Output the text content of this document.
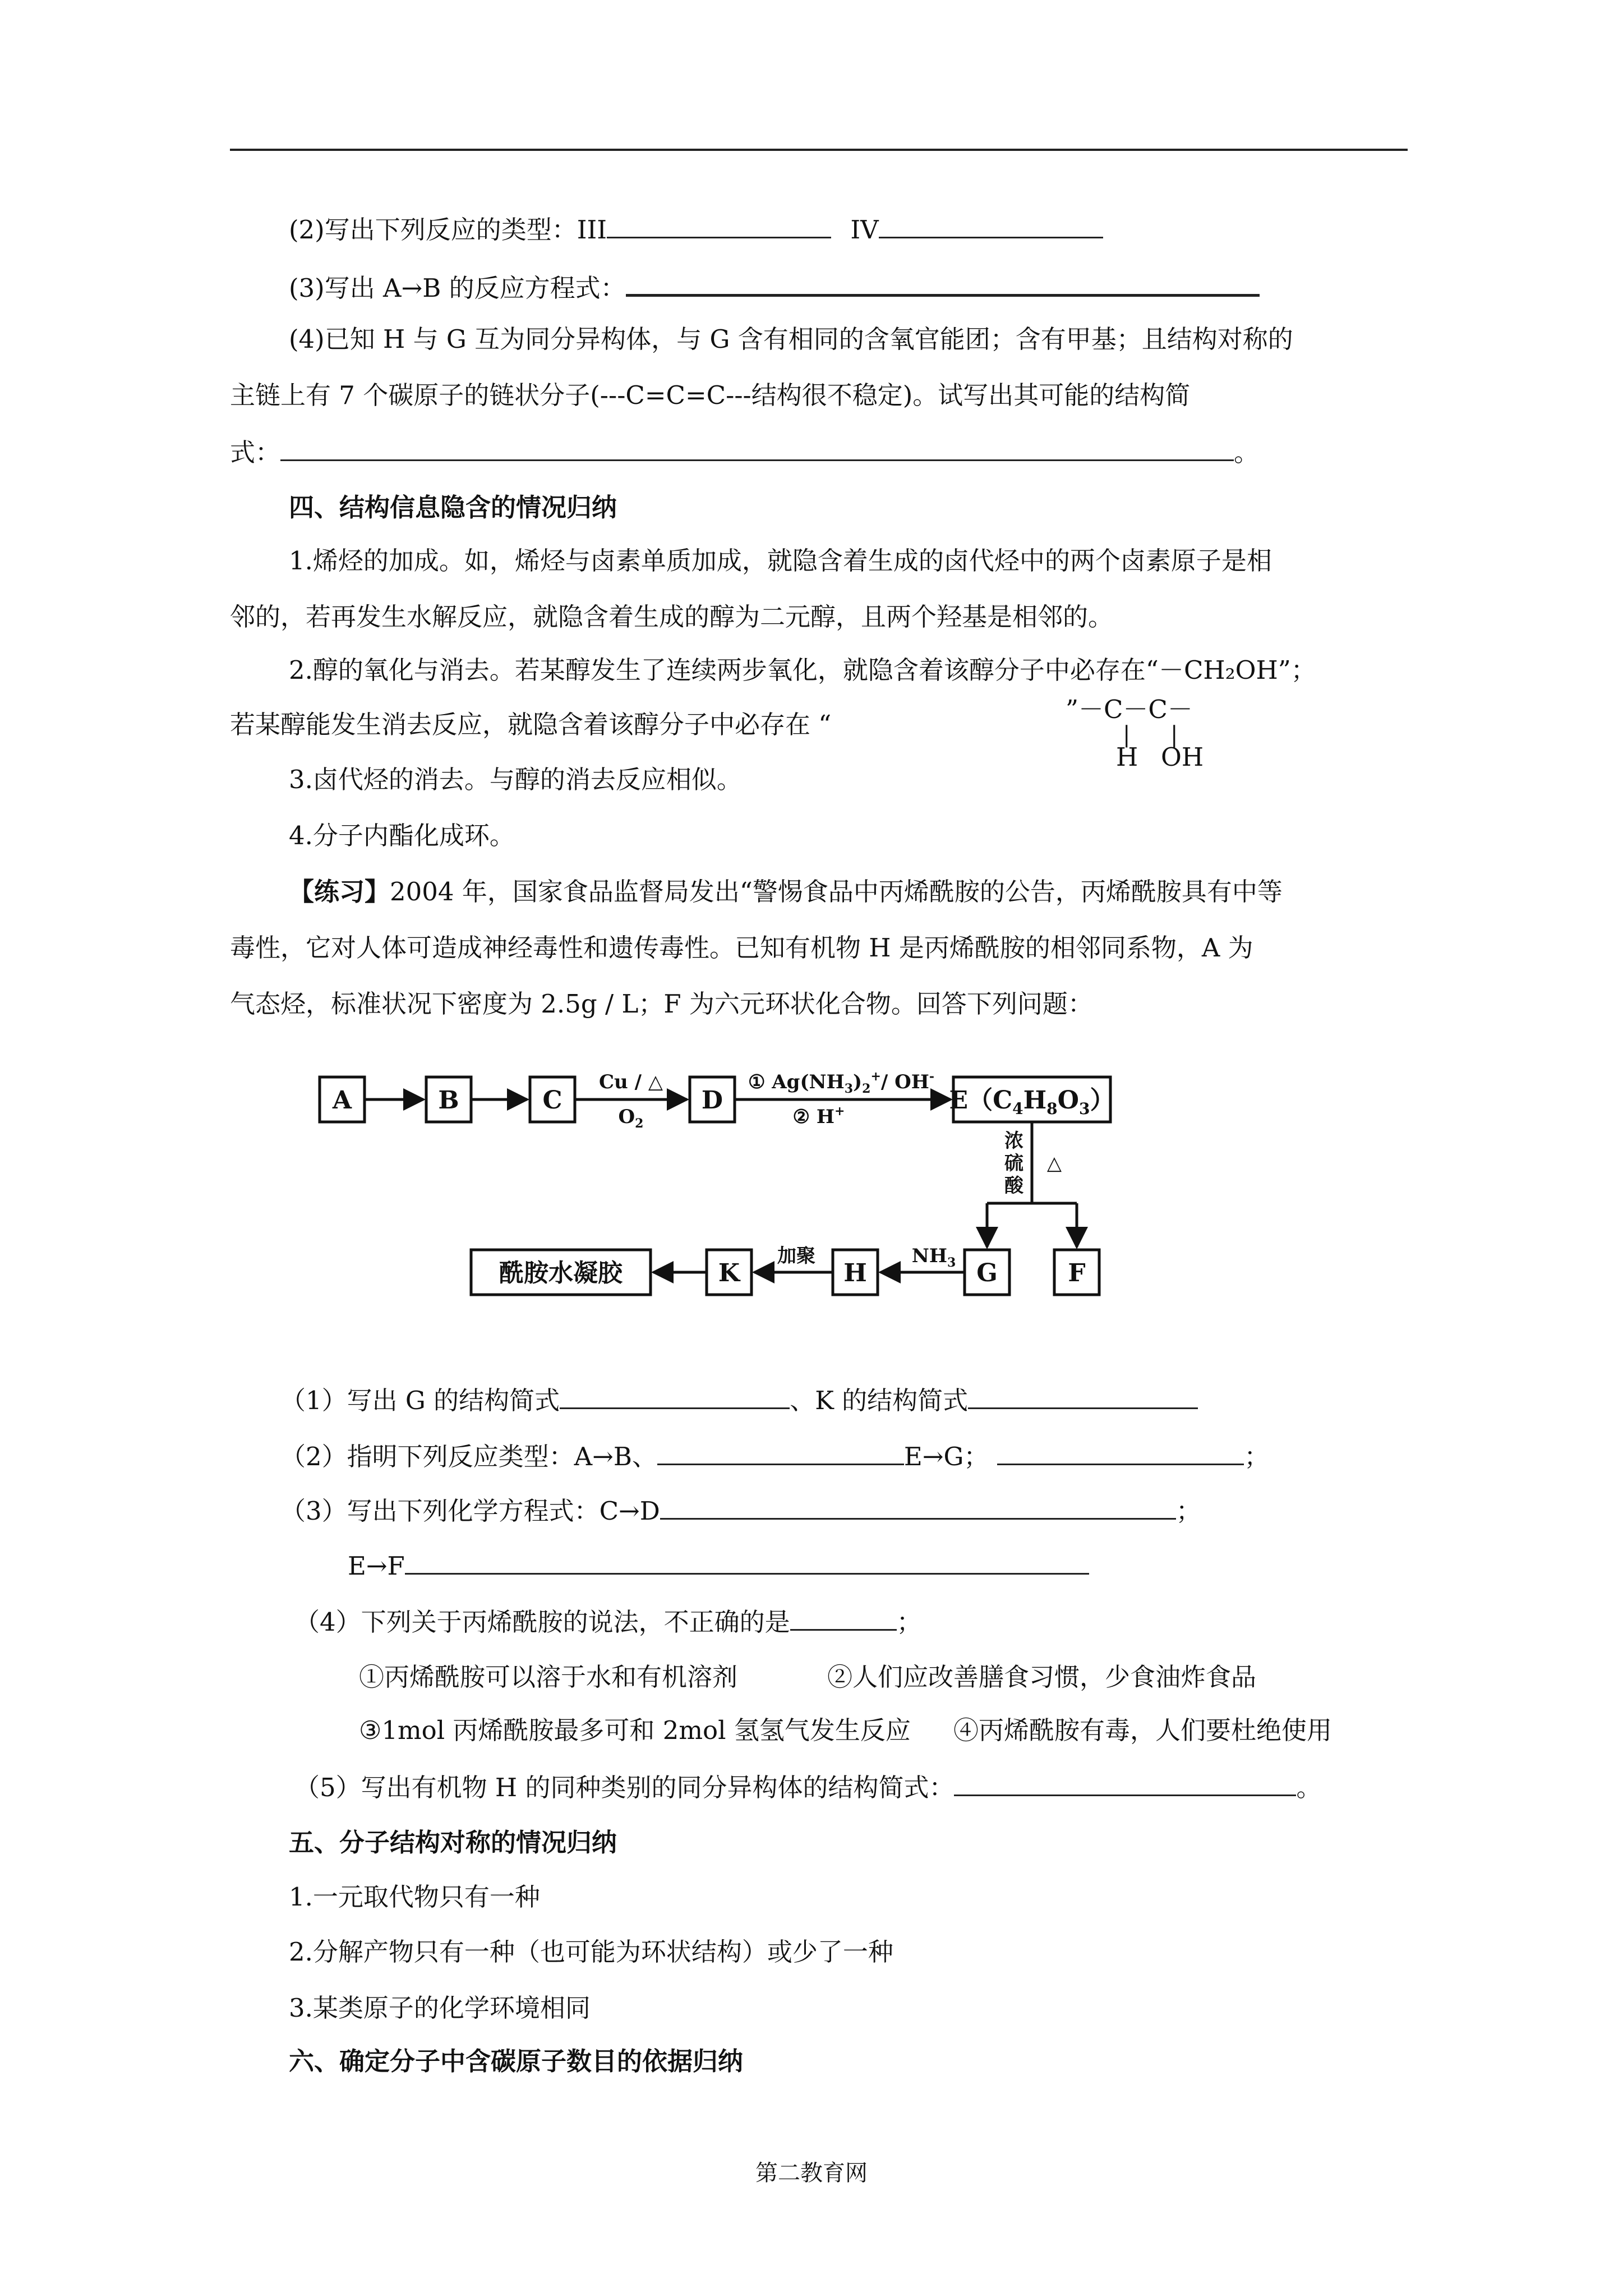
(2)写出下列反应的类型：III	IV
(3)写出 A→B 的反应方程式：
(4)已知 H 与 G 互为同分异构体，与 G 含有相同的含氧官能团；含有甲基；且结构对称的
主链上有 7 个碳原子的链状分子(---C=C=C---结构很不稳定)。试写出其可能的结构简
式：	。
四、结构信息隐含的情况归纳
1.烯烃的加成。如，烯烃与卤素单质加成，就隐含着生成的卤代烃中的两个卤素原子是相
邻的，若再发生水解反应，就隐含着生成的醇为二元醇，且两个羟基是相邻的。
2.醇的氧化与消去。若某醇发生了连续两步氧化，就隐含着该醇分子中必存在“－CH₂OH”；
若某醇能发生消去反应，就隐含着该醇分子中必存在 “
”－C－C－
| |
H OH
3.卤代烃的消去。与醇的消去反应相似。
4.分子内酯化成环。
【练习】2004 年，国家食品监督局发出“警惕食品中丙烯酰胺的公告，丙烯酰胺具有中等
毒性，它对人体可造成神经毒性和遗传毒性。已知有机物 H 是丙烯酰胺的相邻同系物，A 为
气态烃，标准状况下密度为 2.5g / L；F 为六元环状化合物。回答下列问题：
A	B	C	D	$E(C_4H_8O_3)$
G	F
H
K
酰胺水凝胶
Cu / △
$O_2$
① $Ag(NH_3)_2^+/$ OH-
② H+
浓
硫
酸
△
$NH_3$
加聚
（1）写出 G 的结构简式	、K 的结构简式
（2）指明下列反应类型：A→B、	E→G；	；
（3）写出下列化学方程式：C→D	；
E→F
（4）下列关于丙烯酰胺的说法，不正确的是	；
①丙烯酰胺可以溶于水和有机溶剂	②人们应改善膳食习惯，少食油炸食品
③1mol 丙烯酰胺最多可和 2mol 氢氢气发生反应 ④丙烯酰胺有毒，人们要杜绝使用
（5）写出有机物 H 的同种类别的同分异构体的结构简式：	。
五、分子结构对称的情况归纳
1.一元取代物只有一种
2.分解产物只有一种（也可能为环状结构）或少了一种
3.某类原子的化学环境相同
六、确定分子中含碳原子数目的依据归纳
第二教育网
